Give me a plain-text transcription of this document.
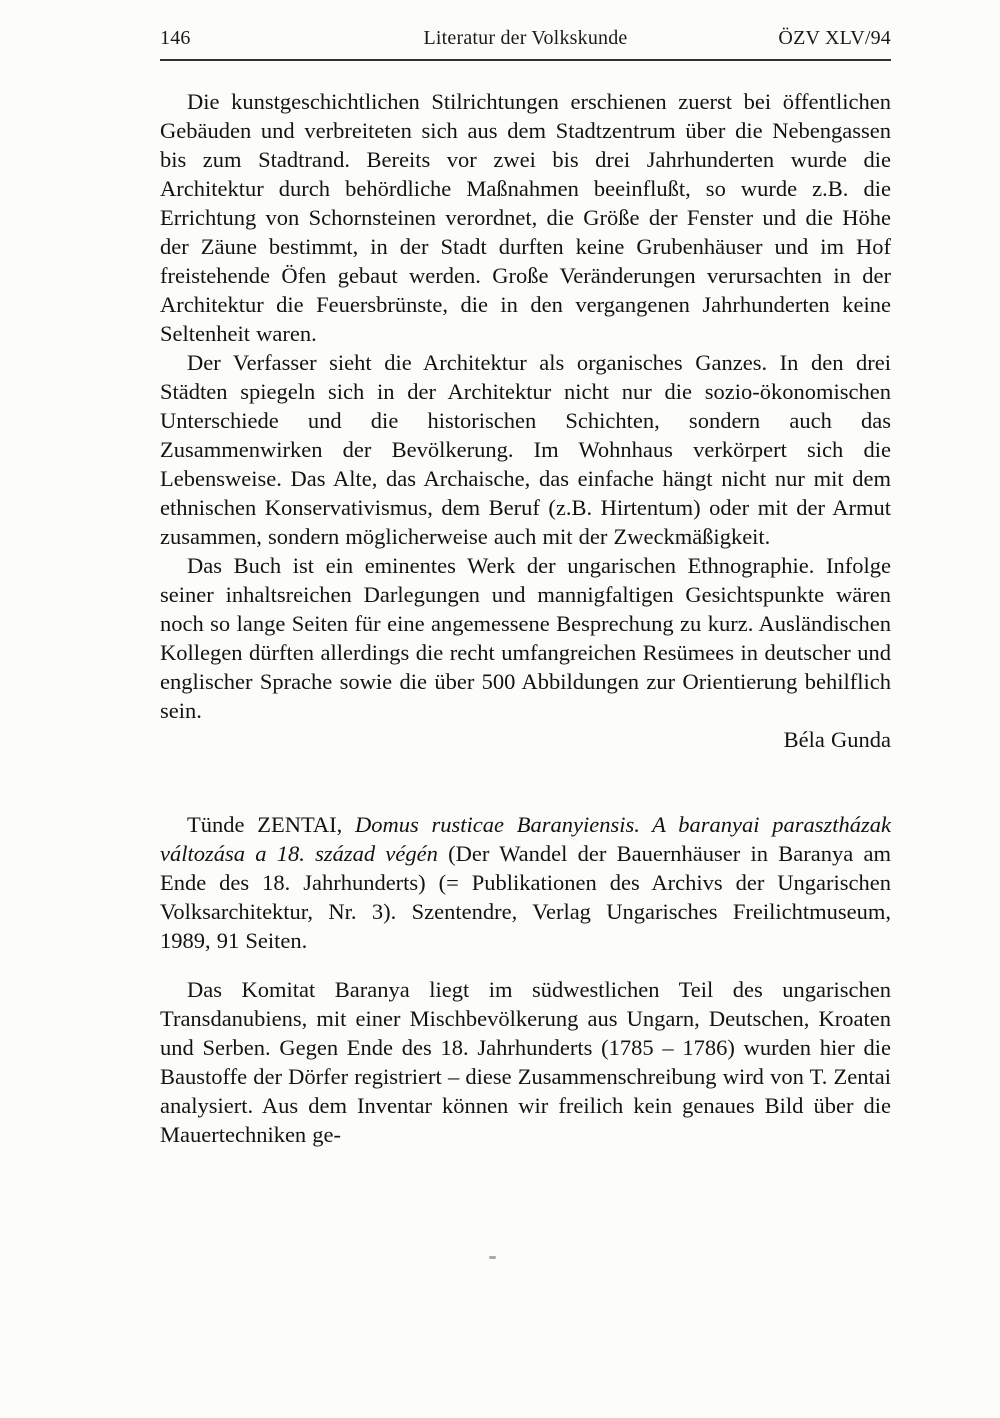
146	Literatur der Volkskunde	ÖZV XLV/94

Die kunstgeschichtlichen Stilrichtungen erschienen zuerst bei öffentlichen Gebäuden und verbreiteten sich aus dem Stadtzentrum über die Nebengassen bis zum Stadtrand. Bereits vor zwei bis drei Jahrhunderten wurde die Architektur durch behördliche Maßnahmen beeinflußt, so wurde z.B. die Errichtung von Schornsteinen verordnet, die Größe der Fenster und die Höhe der Zäune bestimmt, in der Stadt durften keine Grubenhäuser und im Hof freistehende Öfen gebaut werden. Große Veränderungen verursachten in der Architektur die Feuersbrünste, die in den vergangenen Jahrhunderten keine Seltenheit waren.

Der Verfasser sieht die Architektur als organisches Ganzes. In den drei Städten spiegeln sich in der Architektur nicht nur die sozio-ökonomischen Unterschiede und die historischen Schichten, sondern auch das Zusammenwirken der Bevölkerung. Im Wohnhaus verkörpert sich die Lebensweise. Das Alte, das Archaische, das einfache hängt nicht nur mit dem ethnischen Konservativismus, dem Beruf (z.B. Hirtentum) oder mit der Armut zusammen, sondern möglicherweise auch mit der Zweckmäßigkeit.

Das Buch ist ein eminentes Werk der ungarischen Ethnographie. Infolge seiner inhaltsreichen Darlegungen und mannigfaltigen Gesichtspunkte wären noch so lange Seiten für eine angemessene Besprechung zu kurz. Ausländischen Kollegen dürften allerdings die recht umfangreichen Resümees in deutscher und englischer Sprache sowie die über 500 Abbildungen zur Orientierung behilflich sein.

Béla Gunda

Tünde ZENTAI, Domus rusticae Baranyiensis. A baranyai parasztházak változása a 18. század végén (Der Wandel der Bauernhäuser in Baranya am Ende des 18. Jahrhunderts) (= Publikationen des Archivs der Ungarischen Volksarchitektur, Nr. 3). Szentendre, Verlag Ungarisches Freilichtmuseum, 1989, 91 Seiten.

Das Komitat Baranya liegt im südwestlichen Teil des ungarischen Transdanubiens, mit einer Mischbevölkerung aus Ungarn, Deutschen, Kroaten und Serben. Gegen Ende des 18. Jahrhunderts (1785 – 1786) wurden hier die Baustoffe der Dörfer registriert – diese Zusammenschreibung wird von T. Zentai analysiert. Aus dem Inventar können wir freilich kein genaues Bild über die Mauertechniken ge-
